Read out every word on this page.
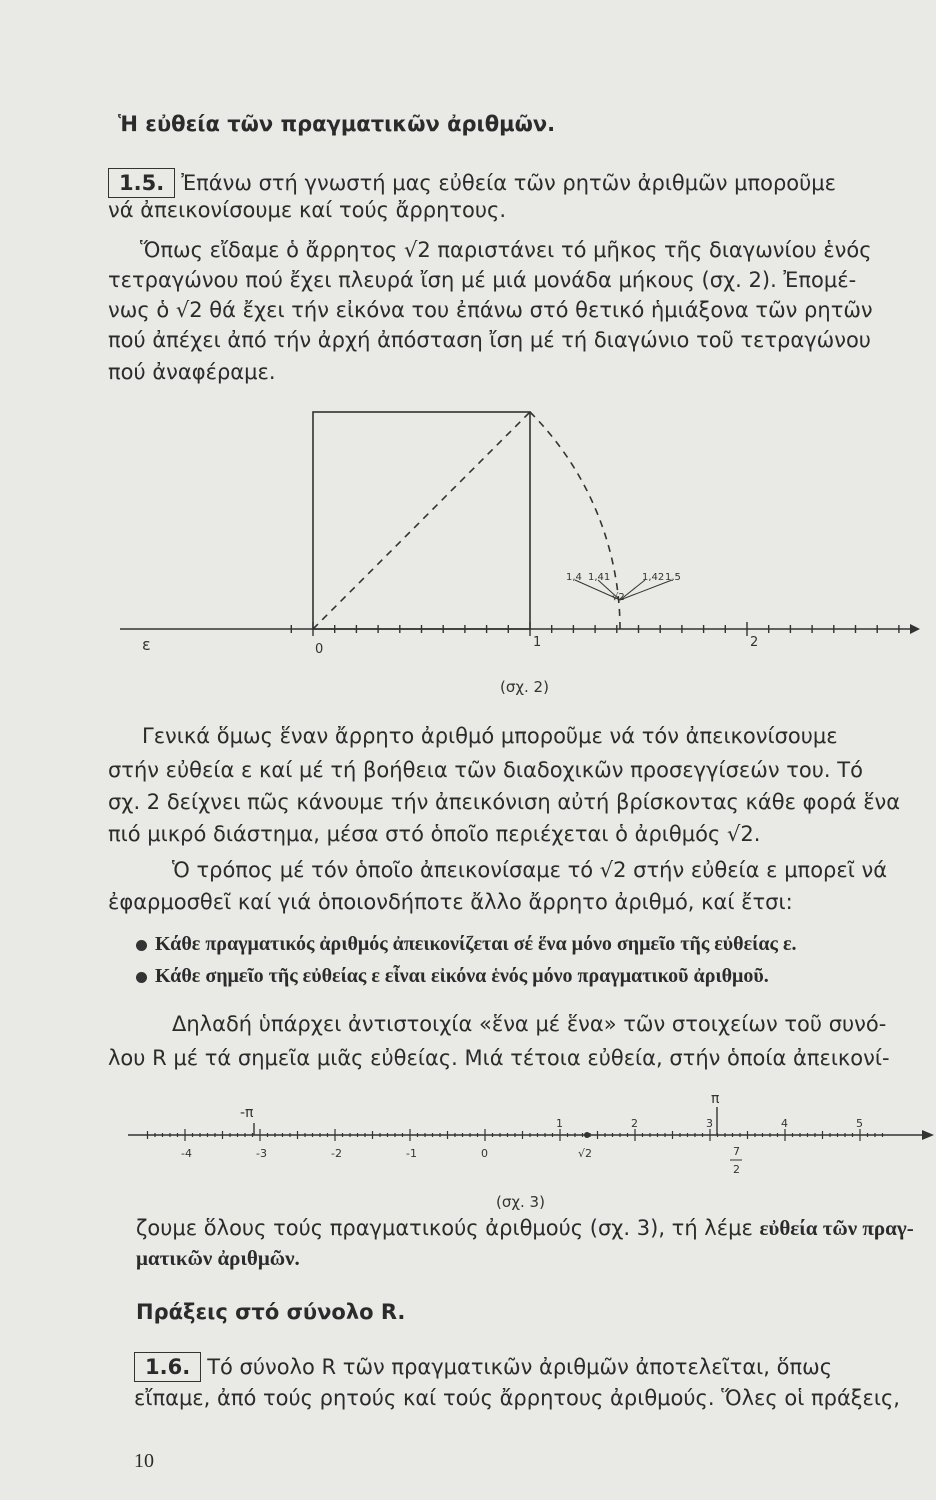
Ἡ εὐθεία τῶν πραγματικῶν ἀριθμῶν.
1.5. Ἐπάνω στή γνωστή μας εὐθεία τῶν ρητῶν ἀριθμῶν μποροῦμε
νά ἀπεικονίσουμε καί τούς ἄρρητους.
Ὅπως εἴδαμε ὁ ἄρρητος √2 παριστάνει τό μῆκος τῆς διαγωνίου ἑνός
τετραγώνου πού ἔχει πλευρά ἴση μέ μιά μονάδα μήκους (σχ. 2). Ἐπομέ-
νως ὁ √2 θά ἔχει τήν εἰκόνα του ἐπάνω στό θετικό ἡμιάξονα τῶν ρητῶν
πού ἀπέχει ἀπό τήν ἀρχή ἀπόσταση ἴση μέ τή διαγώνιο τοῦ τετραγώνου
πού ἀναφέραμε.
ε	0	1	2
1,4 1,41	1,42 1,5
√2
(σχ. 2)
Γενικά ὅμως ἕναν ἄρρητο ἀριθμό μποροῦμε νά τόν ἀπεικονίσουμε
στήν εὐθεία ε καί μέ τή βοήθεια τῶν διαδοχικῶν προσεγγίσεών του. Τό
σχ. 2 δείχνει πῶς κάνουμε τήν ἀπεικόνιση αὐτή βρίσκοντας κάθε φορά ἕνα
πιό μικρό διάστημα, μέσα στό ὁποῖο περιέχεται ὁ ἀριθμός √2.
Ὁ τρόπος μέ τόν ὁποῖο ἀπεικονίσαμε τό √2 στήν εὐθεία ε μπορεῖ νά
ἐφαρμοσθεῖ καί γιά ὁποιονδήποτε ἄλλο ἄρρητο ἀριθμό, καί ἔτσι:
Κάθε πραγματικός ἀριθμός ἀπεικονίζεται σέ ἕνα μόνο σημεῖο τῆς εὐθείας ε.
Κάθε σημεῖο τῆς εὐθείας ε εἶναι εἰκόνα ἑνός μόνο πραγματικοῦ ἀριθμοῦ.
Δηλαδή ὑπάρχει ἀντιστοιχία «ἕνα μέ ἕνα» τῶν στοιχείων τοῦ συνό-
λου R μέ τά σημεῖα μιᾶς εὐθείας. Μιά τέτοια εὐθεία, στήν ὁποία ἀπεικονί-
-4	-3	-2	-1	0
1	2	3	4	5
π
-π
√2	7
2
(σχ. 3)
ζουμε ὅλους τούς πραγματικούς ἀριθμούς (σχ. 3), τή λέμε εὐθεία τῶν πραγ-
ματικῶν ἀριθμῶν.
Πράξεις στό σύνολο R.
1.6. Τό σύνολο R τῶν πραγματικῶν ἀριθμῶν ἀποτελεῖται, ὅπως
εἴπαμε, ἀπό τούς ρητούς καί τούς ἄρρητους ἀριθμούς. Ὅλες οἱ πράξεις,
10
